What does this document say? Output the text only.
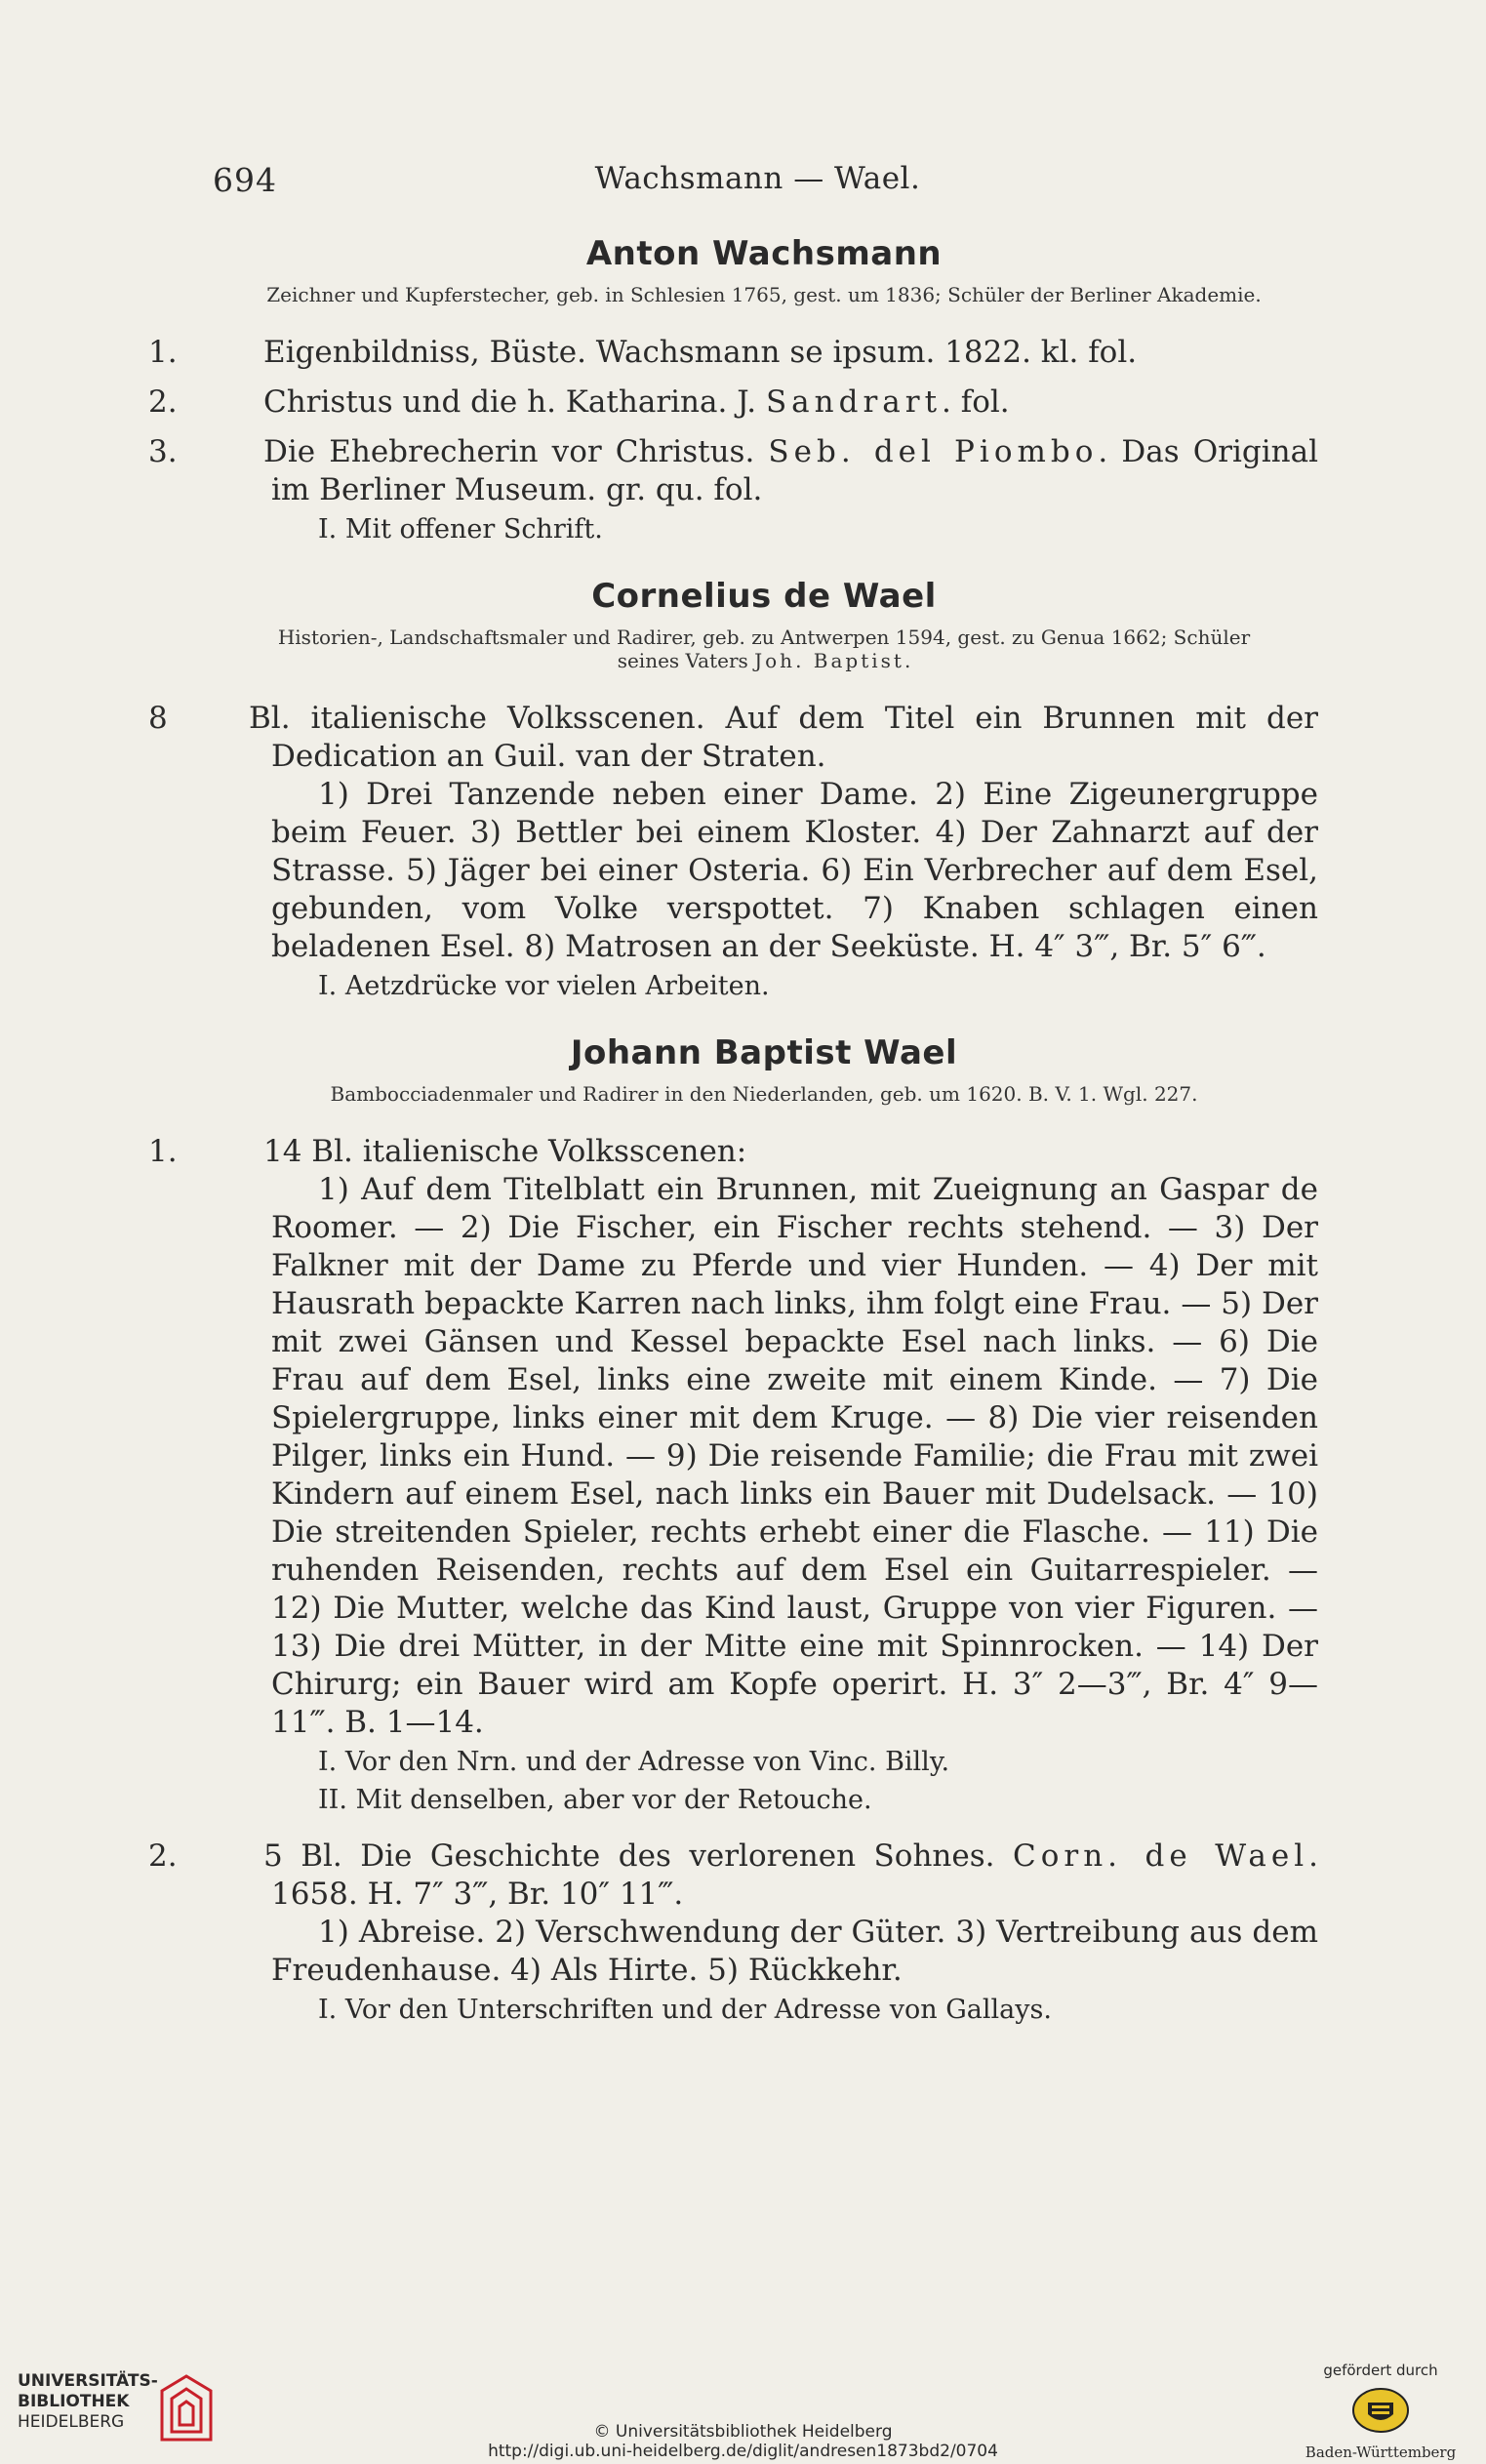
694	Wachsmann — Wael.
Anton Wachsmann
Zeichner und Kupferstecher, geb. in Schlesien 1765, gest. um 1836; Schüler der Berliner Akademie.
1.	Eigenbildniss, Büste. Wachsmann se ipsum. 1822. kl. fol.
2.	Christus und die h. Katharina. J. Sandrart. fol.
3.	Die Ehebrecherin vor Christus. Seb. del Piombo. Das Original im Berliner Museum. gr. qu. fol.

I. Mit offener Schrift.

Cornelius de Wael
Historien-, Landschaftsmaler und Radirer, geb. zu Antwerpen 1594, gest. zu Genua 1662; Schüler seines Vaters Joh. Baptist.
8	Bl. italienische Volksscenen. Auf dem Titel ein Brunnen mit der Dedication an Guil. van der Straten.

1) Drei Tanzende neben einer Dame. 2) Eine Zigeunergruppe beim Feuer. 3) Bettler bei einem Kloster. 4) Der Zahnarzt auf der Strasse. 5) Jäger bei einer Osteria. 6) Ein Verbrecher auf dem Esel, gebunden, vom Volke verspottet. 7) Knaben schlagen einen beladenen Esel. 8) Matrosen an der Seeküste. H. 4″ 3‴, Br. 5″ 6‴.

I. Aetzdrücke vor vielen Arbeiten.

Johann Baptist Wael
Bambocciadenmaler und Radirer in den Niederlanden, geb. um 1620. B. V. 1. Wgl. 227.
1.	14 Bl. italienische Volksscenen:

1) Auf dem Titelblatt ein Brunnen, mit Zueignung an Gaspar de Roomer. — 2) Die Fischer, ein Fischer rechts stehend. — 3) Der Falkner mit der Dame zu Pferde und vier Hunden. — 4) Der mit Hausrath bepackte Karren nach links, ihm folgt eine Frau. — 5) Der mit zwei Gänsen und Kessel bepackte Esel nach links. — 6) Die Frau auf dem Esel, links eine zweite mit einem Kinde. — 7) Die Spielergruppe, links einer mit dem Kruge. — 8) Die vier reisenden Pilger, links ein Hund. — 9) Die reisende Familie; die Frau mit zwei Kindern auf einem Esel, nach links ein Bauer mit Dudelsack. — 10) Die streitenden Spieler, rechts erhebt einer die Flasche. — 11) Die ruhenden Reisenden, rechts auf dem Esel ein Guitarrespieler. — 12) Die Mutter, welche das Kind laust, Gruppe von vier Figuren. — 13) Die drei Mütter, in der Mitte eine mit Spinnrocken. — 14) Der Chirurg; ein Bauer wird am Kopfe operirt. H. 3″ 2—3‴, Br. 4″ 9—11‴. B. 1—14.

I. Vor den Nrn. und der Adresse von Vinc. Billy.

II. Mit denselben, aber vor der Retouche.

2.	5 Bl. Die Geschichte des verlorenen Sohnes. Corn. de Wael. 1658. H. 7″ 3‴, Br. 10″ 11‴.

1) Abreise. 2) Verschwendung der Güter. 3) Vertreibung aus dem Freudenhause. 4) Als Hirte. 5) Rückkehr.

I. Vor den Unterschriften und der Adresse von Gallays.

UNIVERSITÄTS-
BIBLIOTHEK
HEIDELBERG	© Universitätsbibliothek Heidelberg
http://digi.ub.uni-heidelberg.de/diglit/andresen1873bd2/0704
gefördert durch
Baden-Württemberg
